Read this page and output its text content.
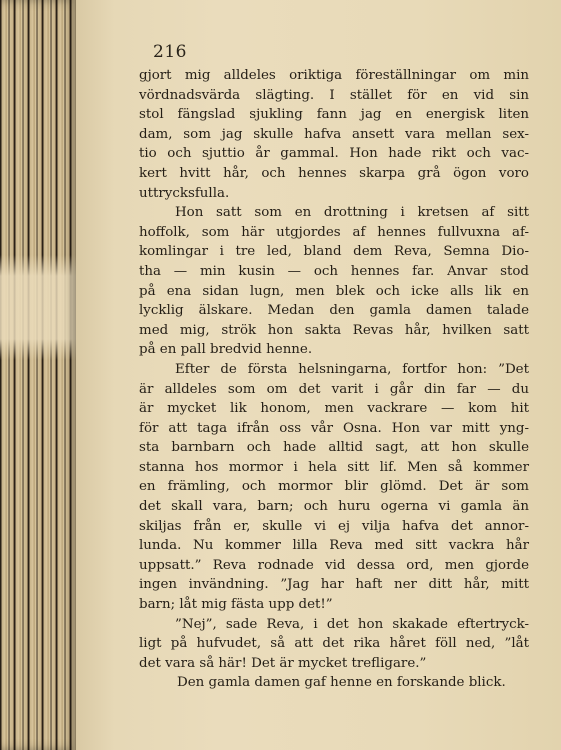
216
gjort mig alldeles oriktiga föreställningar om min
vördnadsvärda slägting. I stället för en vid sin
stol fängslad sjukling fann jag en energisk liten
dam, som jag skulle hafva ansett vara mellan sex-
tio och sjuttio år gammal. Hon hade rikt och vac-
kert hvitt hår, och hennes skarpa grå ögon voro
uttrycksfulla.
Hon satt som en drottning i kretsen af sitt
hoffolk, som här utgjordes af hennes fullvuxna af-
komlingar i tre led, bland dem Reva, Semna Dio-
tha — min kusin — och hennes far. Anvar stod
på ena sidan lugn, men blek och icke alls lik en
lycklig älskare. Medan den gamla damen talade
med mig, strök hon sakta Revas hår, hvilken satt
på en pall bredvid henne.
Efter de första helsningarna, fortfor hon: ”Det
är alldeles som om det varit i går din far — du
är mycket lik honom, men vackrare — kom hit
för att taga ifrån oss vår Osna. Hon var mitt yng-
sta barnbarn och hade alltid sagt, att hon skulle
stanna hos mormor i hela sitt lif. Men så kommer
en främling, och mormor blir glömd. Det är som
det skall vara, barn; och huru ogerna vi gamla än
skiljas från er, skulle vi ej vilja hafva det annor-
lunda. Nu kommer lilla Reva med sitt vackra hår
uppsatt.” Reva rodnade vid dessa ord, men gjorde
ingen invändning. ”Jag har haft ner ditt hår, mitt
barn; låt mig fästa upp det!”
”Nej”, sade Reva, i det hon skakade eftertryck-
ligt på hufvudet, så att det rika håret föll ned, ”låt
det vara så här! Det är mycket trefligare.”
Den gamla damen gaf henne en forskande blick.
